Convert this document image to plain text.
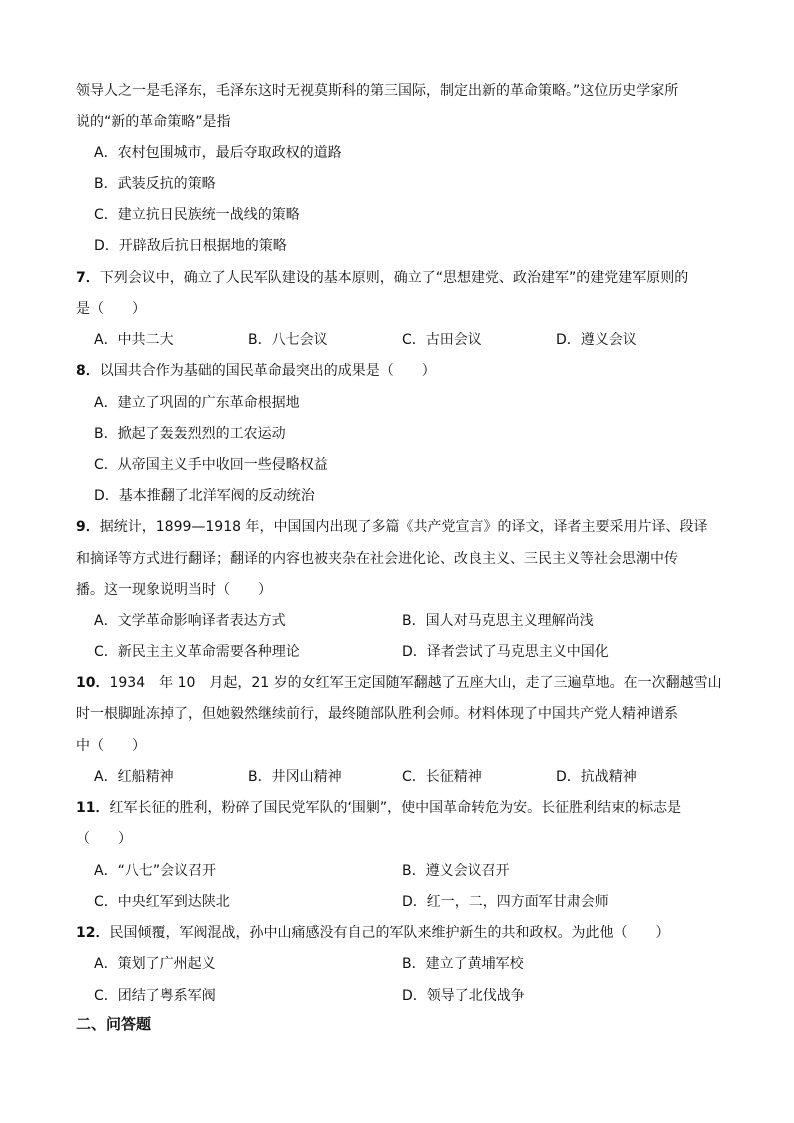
领导人之一是毛泽东，毛泽东这时无视莫斯科的第三国际，制定出新的革命策略。”这位历史学家所
说的“新的革命策略”是指
A．农村包围城市，最后夺取政权的道路
B．武装反抗的策略
C．建立抗日民族统一战线的策略
D．开辟敌后抗日根据地的策略
7．下列会议中，确立了人民军队建设的基本原则，确立了“思想建党、政治建军”的建党建军原则的
是（　　）
A．中共二大	B．八七会议	C．古田会议	D．遵义会议
8．以国共合作为基础的国民革命最突出的成果是（　　）
A．建立了巩固的广东革命根据地
B．掀起了轰轰烈烈的工农运动
C．从帝国主义手中收回一些侵略权益
D．基本推翻了北洋军阀的反动统治
9．据统计，1899—1918 年，中国国内出现了多篇《共产党宣言》的译文，译者主要采用片译、段译
和摘译等方式进行翻译；翻译的内容也被夹杂在社会进化论、改良主义、三民主义等社会思潮中传
播。这一现象说明当时（　　）
A．文学革命影响译者表达方式	B．国人对马克思主义理解尚浅
C．新民主主义革命需要各种理论	D．译者尝试了马克思主义中国化
10．1934　年 10　月起，21 岁的女红军王定国随军翻越了五座大山，走了三遍草地。在一次翻越雪山
时一根脚趾冻掉了，但她毅然继续前行，最终随部队胜利会师。材料体现了中国共产党人精神谱系
中（　　）
A．红船精神	B．井冈山精神	C．长征精神	D．抗战精神
11．红军长征的胜利，粉碎了国民党军队的‘围剿”，使中国革命转危为安。长征胜利结束的标志是
（　　）
A．“八七”会议召开	B．遵义会议召开
C．中央红军到达陕北	D．红一，二，四方面军甘肃会师
12．民国倾覆，军阀混战，孙中山痛感没有自己的军队来维护新生的共和政权。为此他（　　）
A．策划了广州起义	B．建立了黄埔军校
C．团结了粤系军阀	D．领导了北伐战争
二、问答题
